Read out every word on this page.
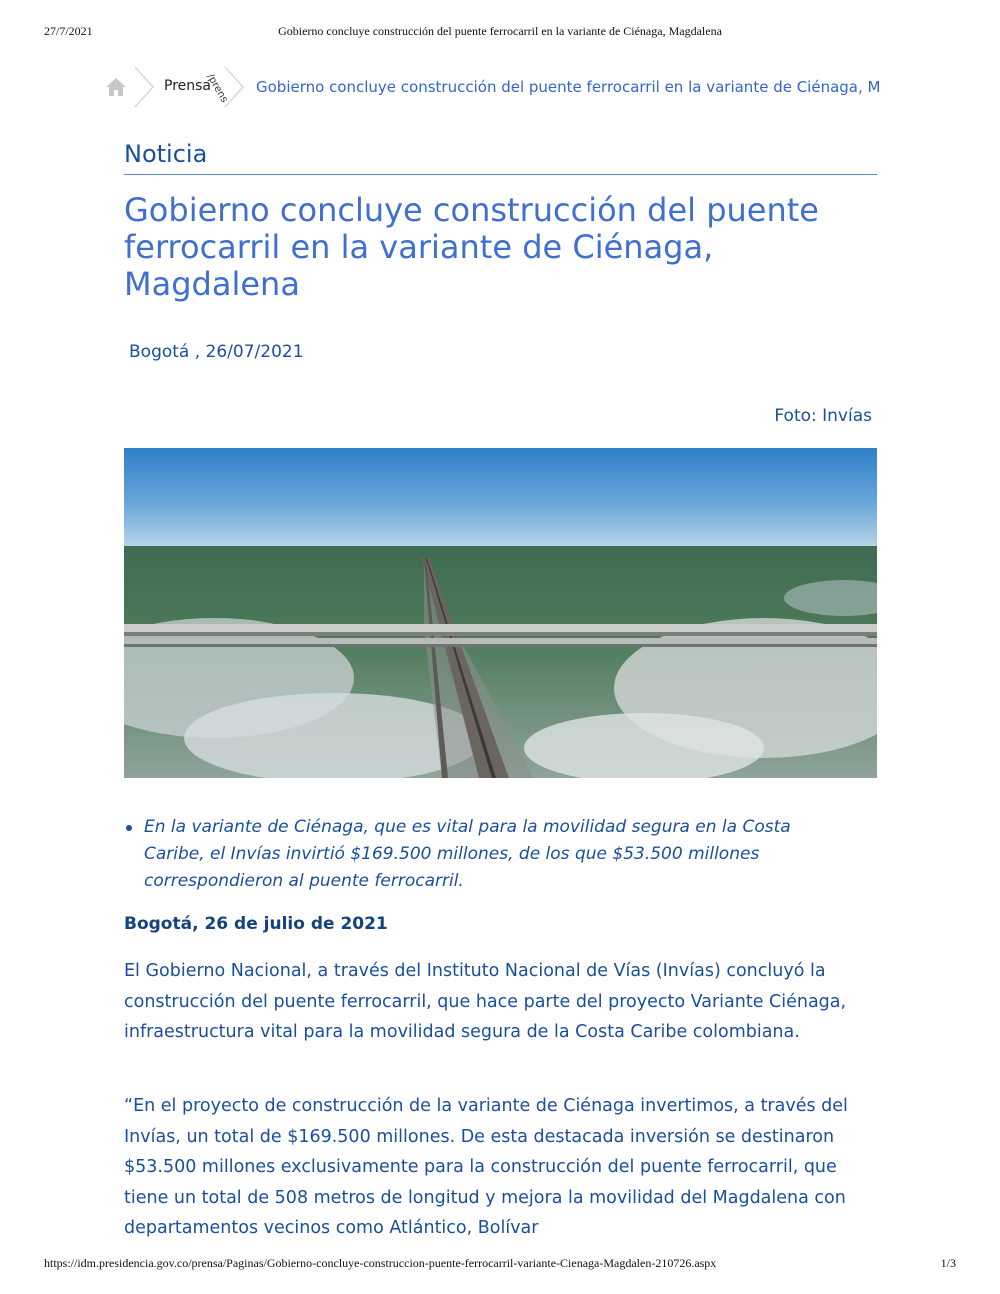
27/7/2021	Gobierno concluye construcción del puente ferrocarril en la variante de Ciénaga, Magdalena
Prensa
/prens Gobierno concluye construcción del puente ferrocarril en la variante de Ciénaga, M
Noticia
Gobierno concluye construcción del puente ferrocarril en la variante de Ciénaga, Magdalena
Bogotá , 26/07/2021
Foto: Invías
En la variante de Ciénaga, que es vital para la movilidad segura en la Costa Caribe, el Invías invirtió $169.500 millones, de los que $53.500 millones correspondieron al puente ferrocarril.
Bogotá, 26 de julio de 2021

El Gobierno Nacional, a través del Instituto Nacional de Vías (Invías) concluyó la construcción del puente ferrocarril, que hace parte del proyecto Variante Ciénaga, infraestructura vital para la movilidad segura de la Costa Caribe colombiana.

“En el proyecto de construcción de la variante de Ciénaga invertimos, a través del Invías, un total de $169.500 millones. De esta destacada inversión se destinaron $53.500 millones exclusivamente para la construcción del puente ferrocarril, que tiene un total de 508 metros de longitud y mejora la movilidad del Magdalena con departamentos vecinos como Atlántico, Bolívar

https://idm.presidencia.gov.co/prensa/Paginas/Gobierno-concluye-construccion-puente-ferrocarril-variante-Cienaga-Magdalen-210726.aspx	1/3
